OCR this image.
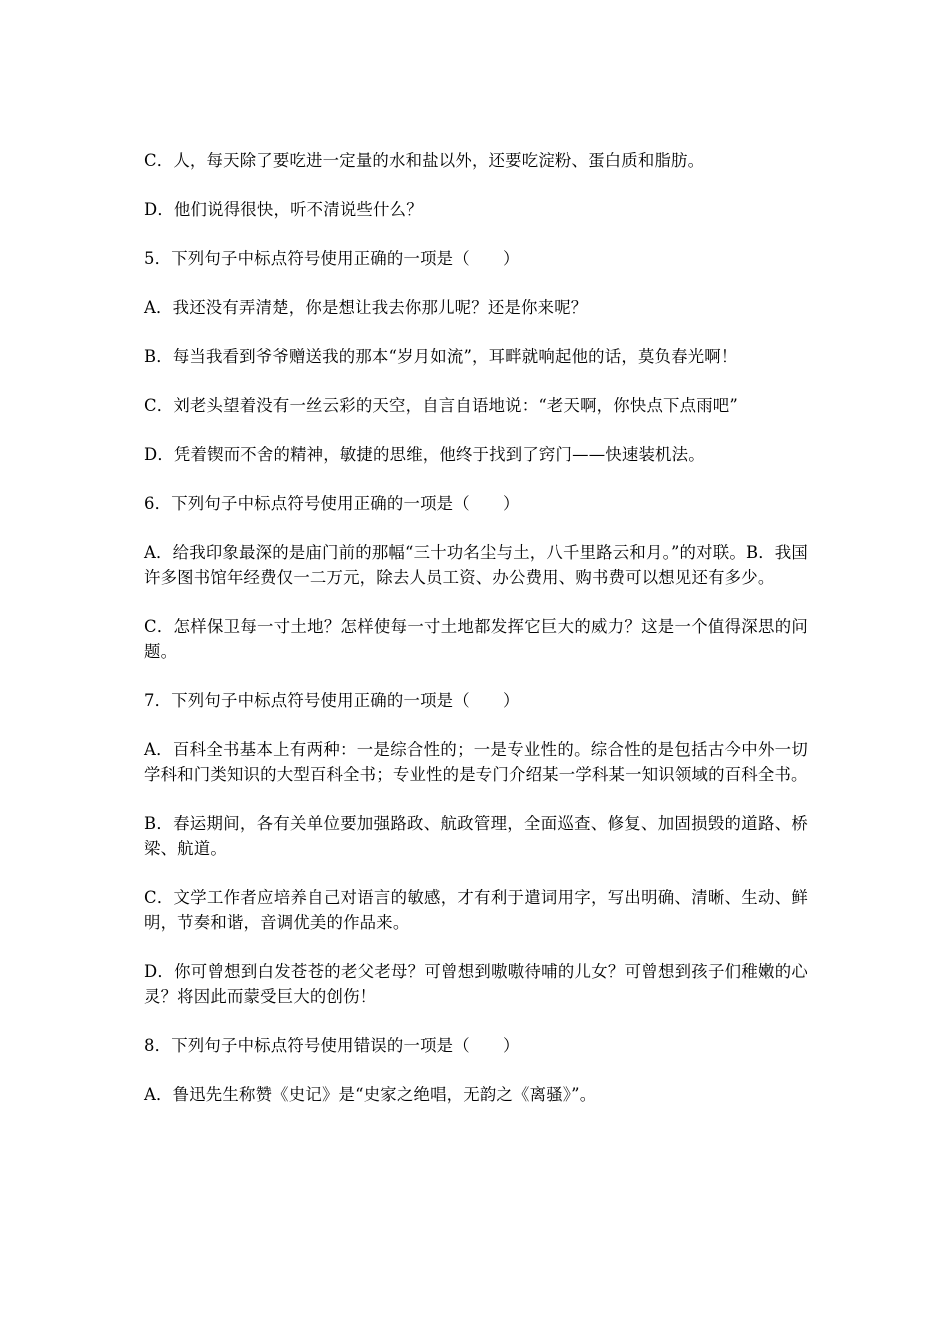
C．人，每天除了要吃进一定量的水和盐以外，还要吃淀粉、蛋白质和脂肪。

D．他们说得很快，听不清说些什么？

5．下列句子中标点符号使用正确的一项是（　　）

A．我还没有弄清楚，你是想让我去你那儿呢？还是你来呢？

B．每当我看到爷爷赠送我的那本“岁月如流”，耳畔就响起他的话，莫负春光啊！

C．刘老头望着没有一丝云彩的天空，自言自语地说：“老天啊，你快点下点雨吧”

D．凭着锲而不舍的精神，敏捷的思维，他终于找到了窍门——快速装机法。

6．下列句子中标点符号使用正确的一项是（　　）

A．给我印象最深的是庙门前的那幅“三十功名尘与土，八千里路云和月。”的对联。B．我国许多图书馆年经费仅一二万元，除去人员工资、办公费用、购书费可以想见还有多少。

C．怎样保卫每一寸土地？怎样使每一寸土地都发挥它巨大的威力？这是一个值得深思的问题。

7．下列句子中标点符号使用正确的一项是（　　）

A．百科全书基本上有两种：一是综合性的；一是专业性的。综合性的是包括古今中外一切学科和门类知识的大型百科全书；专业性的是专门介绍某一学科某一知识领域的百科全书。

B．春运期间，各有关单位要加强路政、航政管理，全面巡查、修复、加固损毁的道路、桥梁、航道。

C．文学工作者应培养自己对语言的敏感，才有利于遣词用字，写出明确、清晰、生动、鲜明，节奏和谐，音调优美的作品来。

D．你可曾想到白发苍苍的老父老母？可曾想到嗷嗷待哺的儿女？可曾想到孩子们稚嫩的心灵？将因此而蒙受巨大的创伤！

8．下列句子中标点符号使用错误的一项是（　　）

A．鲁迅先生称赞《史记》是“史家之绝唱，无韵之《离骚》”。
